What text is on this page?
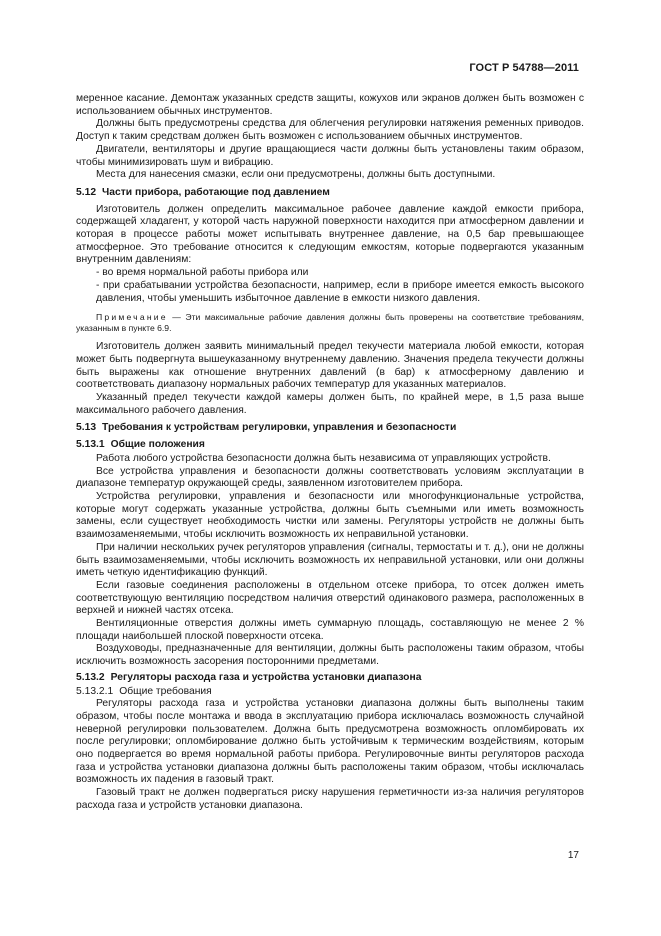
ГОСТ Р 54788—2011

меренное касание. Демонтаж указанных средств защиты, кожухов или экранов должен быть возможен с использованием обычных инструментов.

Должны быть предусмотрены средства для облегчения регулировки натяжения ременных приводов. Доступ к таким средствам должен быть возможен с использованием обычных инструментов.

Двигатели, вентиляторы и другие вращающиеся части должны быть установлены таким образом, чтобы минимизировать шум и вибрацию.

Места для нанесения смазки, если они предусмотрены, должны быть доступными.

5.12 Части прибора, работающие под давлением

Изготовитель должен определить максимальное рабочее давление каждой емкости прибора, содержащей хладагент, у которой часть наружной поверхности находится при атмосферном давлении и которая в процессе работы может испытывать внутреннее давление, на 0,5 бар превышающее атмосферное. Это требование относится к следующим емкостям, которые подвергаются указанным внутренним давлениям:

- во время нормальной работы прибора или

- при срабатывании устройства безопасности, например, если в приборе имеется емкость высокого давления, чтобы уменьшить избыточное давление в емкости низкого давления.

Примечание — Эти максимальные рабочие давления должны быть проверены на соответствие требованиям, указанным в пункте 6.9.

Изготовитель должен заявить минимальный предел текучести материала любой емкости, которая может быть подвергнута вышеуказанному внутреннему давлению. Значения предела текучести должны быть выражены как отношение внутренних давлений (в бар) к атмосферному давлению и соответствовать диапазону нормальных рабочих температур для указанных материалов.

Указанный предел текучести каждой камеры должен быть, по крайней мере, в 1,5 раза выше максимального рабочего давления.

5.13 Требования к устройствам регулировки, управления и безопасности
5.13.1 Общие положения

Работа любого устройства безопасности должна быть независима от управляющих устройств.

Все устройства управления и безопасности должны соответствовать условиям эксплуатации в диапазоне температур окружающей среды, заявленном изготовителем прибора.

Устройства регулировки, управления и безопасности или многофункциональные устройства, которые могут содержать указанные устройства, должны быть съемными или иметь возможность замены, если существует необходимость чистки или замены. Регуляторы устройств не должны быть взаимозаменяемыми, чтобы исключить возможность их неправильной установки.

При наличии нескольких ручек регуляторов управления (сигналы, термостаты и т. д.), они не должны быть взаимозаменяемыми, чтобы исключить возможность их неправильной установки, или они должны иметь четкую идентификацию функций.

Если газовые соединения расположены в отдельном отсеке прибора, то отсек должен иметь соответствующую вентиляцию посредством наличия отверстий одинакового размера, расположенных в верхней и нижней частях отсека.

Вентиляционные отверстия должны иметь суммарную площадь, составляющую не менее 2 % площади наибольшей плоской поверхности отсека.

Воздуховоды, предназначенные для вентиляции, должны быть расположены таким образом, чтобы исключить возможность засорения посторонними предметами.

5.13.2 Регуляторы расхода газа и устройства установки диапазона
5.13.2.1 Общие требования

Регуляторы расхода газа и устройства установки диапазона должны быть выполнены таким образом, чтобы после монтажа и ввода в эксплуатацию прибора исключалась возможность случайной неверной регулировки пользователем. Должна быть предусмотрена возможность опломбировать их после регулировки; опломбирование должно быть устойчивым к термическим воздействиям, которым оно подвергается во время нормальной работы прибора. Регулировочные винты регуляторов расхода газа и устройства установки диапазона должны быть расположены таким образом, чтобы исключалась возможность их падения в газовый тракт.

Газовый тракт не должен подвергаться риску нарушения герметичности из-за наличия регуляторов расхода газа и устройств установки диапазона.

17
